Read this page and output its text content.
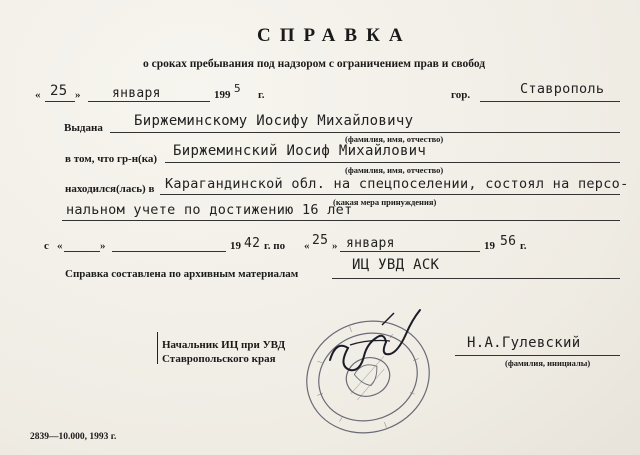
СПРАВКА
о сроках пребывания под надзором с ограничением прав и свобод
« 25 » января	199 5 г.	гор.	Ставрополь
Выдана Биржеминскому Иосифу Михайловичу
(фамилия, имя, отчество)
в том, что гр-н(ка) Биржеминский Иосиф Михайлович
(фамилия, имя, отчество)
находился(лась) в Карагандинской обл. на спецпоселении, состоял на персо-
(какая мера принуждения)
нальном учете по достижению 16 лет
с «	»	19 42 г. по « 25 » января	19 56 г.
Справка составлена по архивным материалам
ИЦ УВД АСК
Начальник ИЦ при УВД
Ставропольского края
Н.А.Гулевский
(фамилия, инициалы)
2839—10.000, 1993 г.
